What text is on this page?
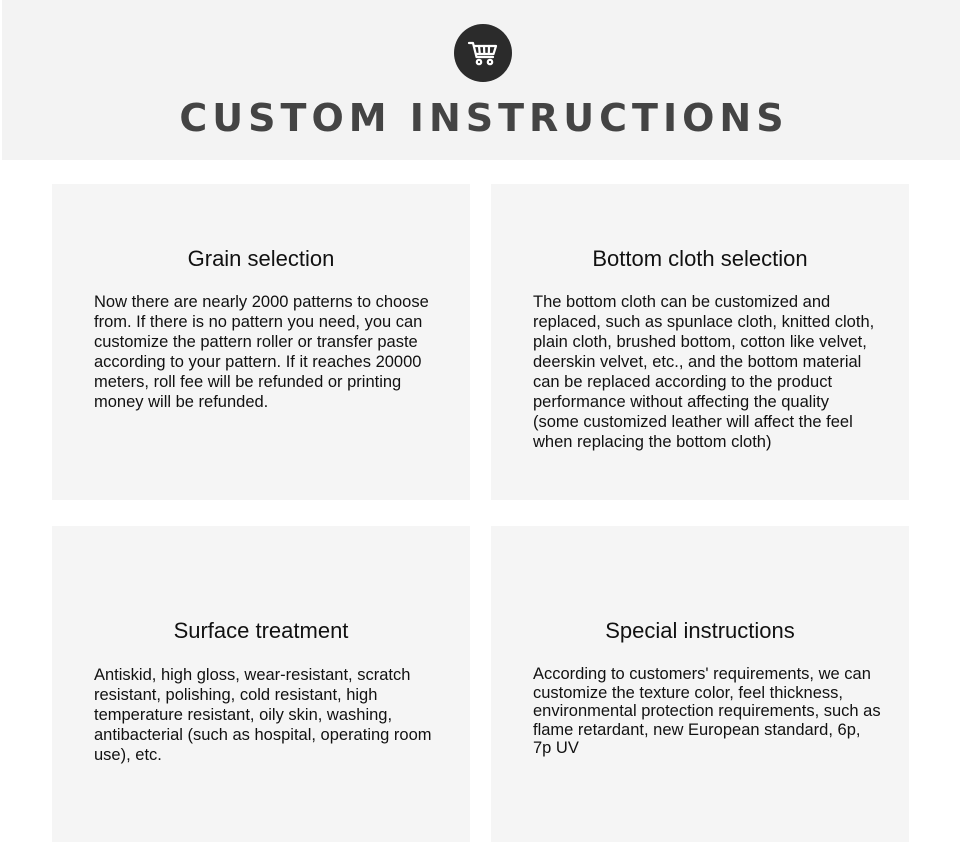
CUSTOM INSTRUCTIONS
Grain selection

Now there are nearly 2000 patterns to choose from. If there is no pattern you need, you can customize the pattern roller or transfer paste according to your pattern. If it reaches 20000 meters, roll fee will be refunded or printing money will be refunded.

Bottom cloth selection

The bottom cloth can be customized and replaced, such as spunlace cloth, knitted cloth, plain cloth, brushed bottom, cotton like velvet, deerskin velvet, etc., and the bottom material can be replaced according to the product performance without affecting the quality (some customized leather will affect the feel when replacing the bottom cloth)

Surface treatment

Antiskid, high gloss, wear-resistant, scratch resistant, polishing, cold resistant, high temperature resistant, oily skin, washing, antibacterial (such as hospital, operating room use), etc.

Special instructions

According to customers' requirements, we can customize the texture color, feel thickness, environmental protection requirements, such as flame retardant, new European standard, 6p, 7p UV
